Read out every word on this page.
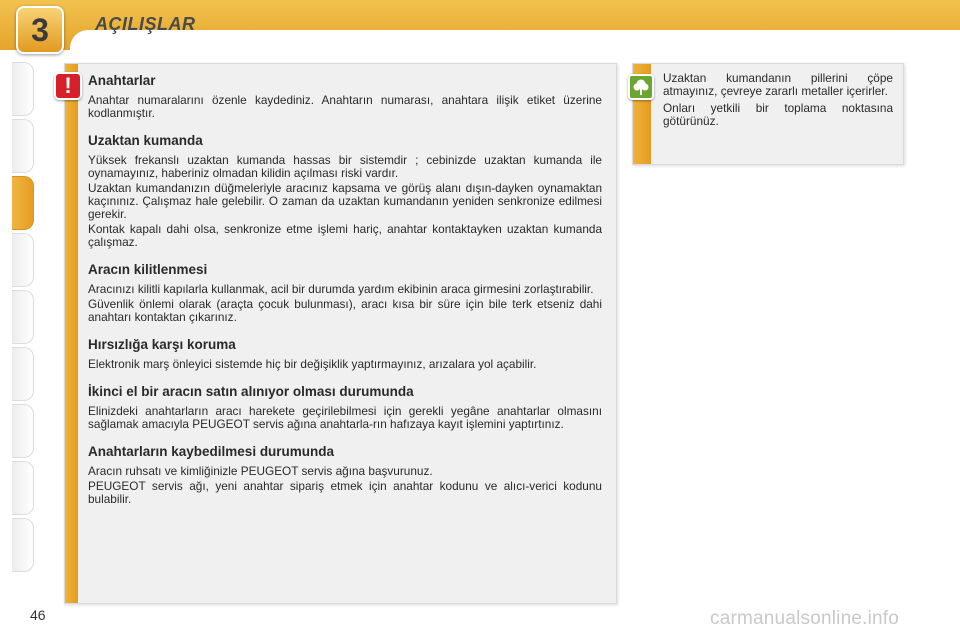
3	AÇILIŞLAR
!	Anahtarlar

Anahtar numaralarını özenle kaydediniz. Anahtarın numarası, anahtara ilişik etiket üzerine kodlanmıştır.

Uzaktan kumanda

Yüksek frekanslı uzaktan kumanda hassas bir sistemdir ; cebinizde uzaktan kumanda ile oynamayınız, haberiniz olmadan kilidin açılması riski vardır.

Uzaktan kumandanızın düğmeleriyle aracınız kapsama ve görüş alanı dışın-dayken oynamaktan kaçınınız. Çalışmaz hale gelebilir. O zaman da uzaktan kumandanın yeniden senkronize edilmesi gerekir.

Kontak kapalı dahi olsa, senkronize etme işlemi hariç, anahtar kontaktayken uzaktan kumanda çalışmaz.

Aracın kilitlenmesi

Aracınızı kilitli kapılarla kullanmak, acil bir durumda yardım ekibinin araca girmesini zorlaştırabilir.

Güvenlik önlemi olarak (araçta çocuk bulunması), aracı kısa bir süre için bile terk etseniz dahi anahtarı kontaktan çıkarınız.

Hırsızlığa karşı koruma

Elektronik marş önleyici sistemde hiç bir değişiklik yaptırmayınız, arızalara yol açabilir.

İkinci el bir aracın satın alınıyor olması durumunda

Elinizdeki anahtarların aracı harekete geçirilebilmesi için gerekli yegâne anahtarlar olmasını sağlamak amacıyla PEUGEOT servis ağına anahtarla-rın hafızaya kayıt işlemini yaptırtınız.

Anahtarların kaybedilmesi durumunda

Aracın ruhsatı ve kimliğinizle PEUGEOT servis ağına başvurunuz.

PEUGEOT servis ağı, yeni anahtar sipariş etmek için anahtar kodunu ve alıcı-verici kodunu bulabilir.

Uzaktan kumandanın pillerini çöpe atmayınız, çevreye zararlı metaller içerirler.

Onları yetkili bir toplama noktasına götürünüz.

46	carmanualsonline.info
